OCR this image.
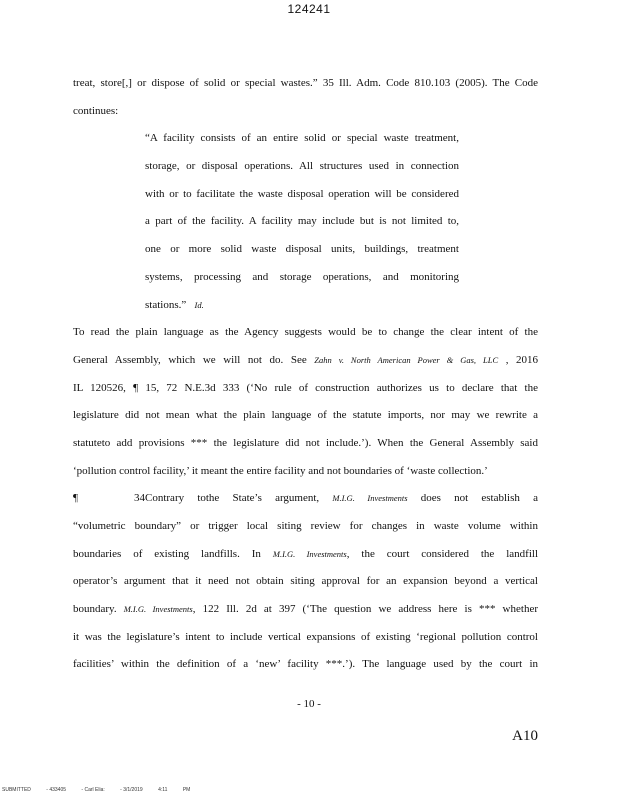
124241
treat, store[,] or dispose of solid or special wastes.” 35 Ill. Adm. Code 810.103 (2005). The Code
continues:
“A facility consists of an entire solid or special waste treatment,
storage, or disposal operations. All structures used in connection
with or to facilitate the waste disposal operation will be considered
a part of the facility. A facility may include but is not limited to,
one or more solid waste disposal units, buildings, treatment
systems, processing and storage operations, and monitoring
stations.” Id.
To read the plain language as the Agency suggests would be to change the clear intent of the
General Assembly, which we will not do. See Zahn v. North American Power & Gas, LLC , 2016
IL 120526, ¶ 15, 72 N.E.3d 333 (‘No rule of construction authorizes us to declare that the
legislature did not mean what the plain language of the statute imports, nor may we rewrite a
statuteto add provisions *** the legislature did not include.’). When the General Assembly said
‘pollution control facility,’ it meant the entire facility and not boundaries of ‘waste collection.’
¶ 34Contrary tothe State’s argument, M.I.G. Investments does not establish a
“volumetric boundary” or trigger local siting review for changes in waste volume within
boundaries of existing landfills. In M.I.G. Investments, the court considered the landfill
operator’s argument that it need not obtain siting approval for an expansion beyond a vertical
boundary. M.I.G. Investments, 122 Ill. 2d at 397 (‘The question we address here is *** whether
it was the legislature’s intent to include vertical expansions of existing ‘regional pollution control
facilities’ within the definition of a ‘new’ facility ***.’). The language used by the court in
- 10 -
A10
SUBMITTED	- 433405	- Carl Elia:	- 3/1/2019	4:11	PM
